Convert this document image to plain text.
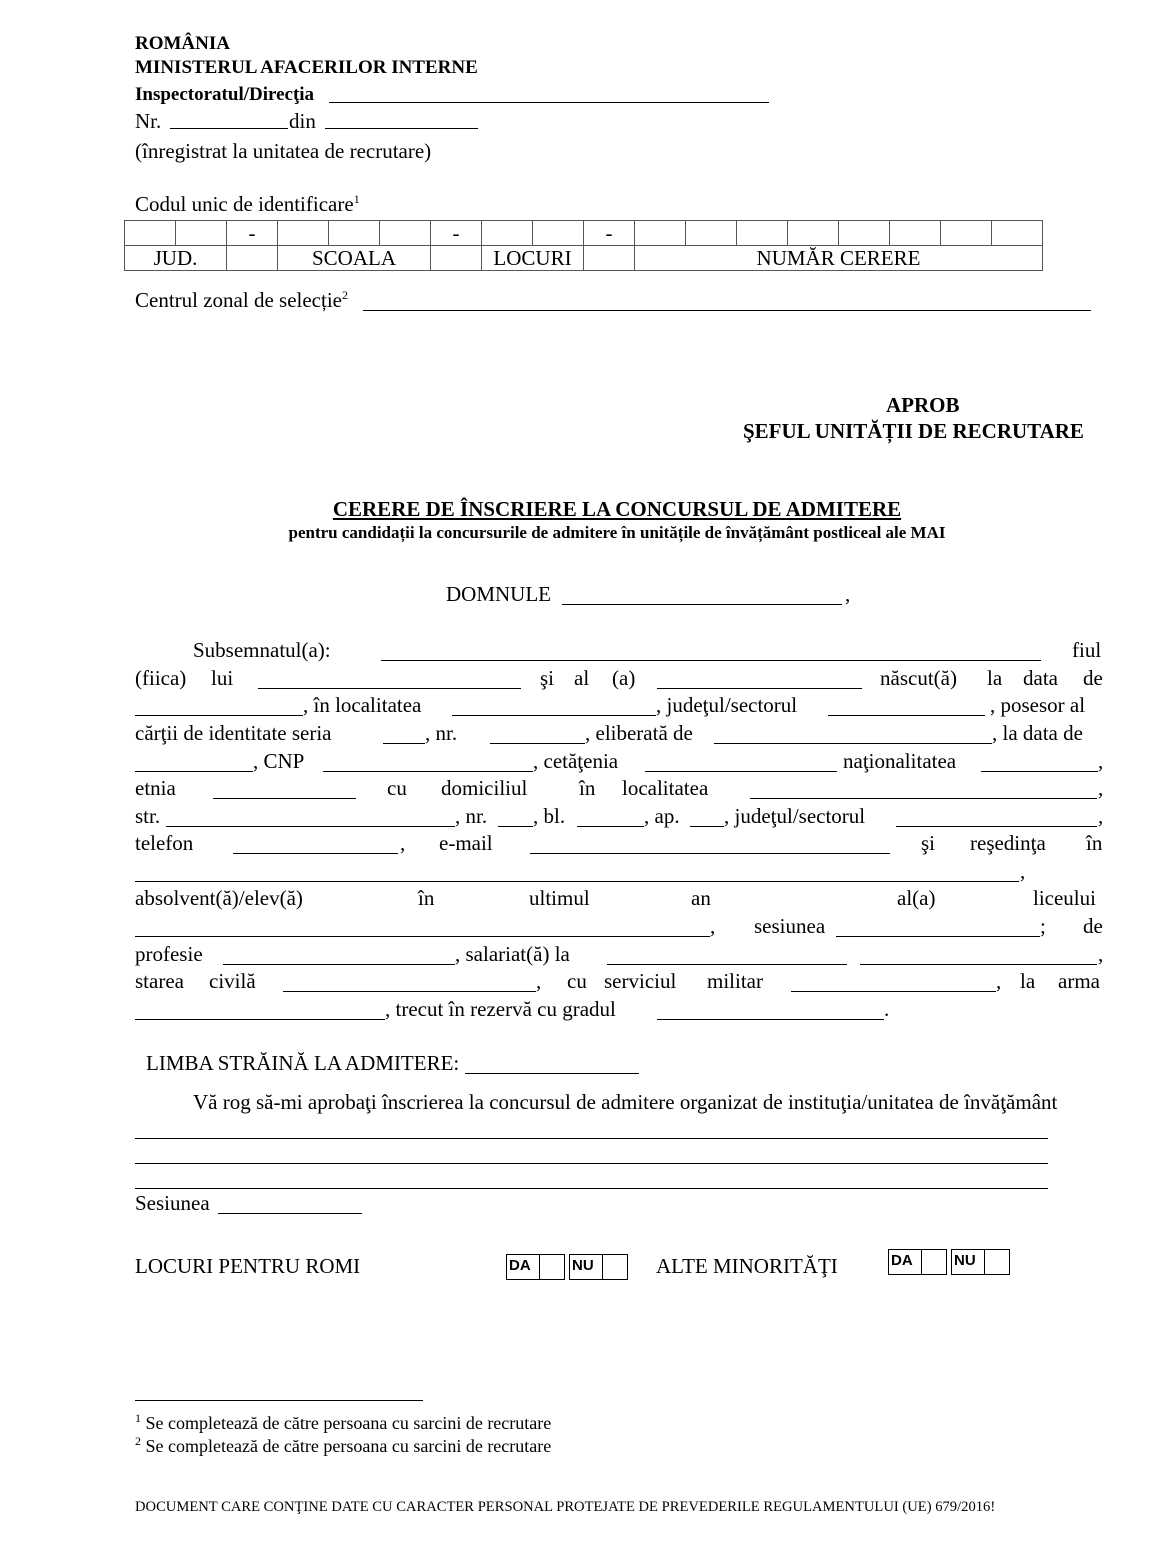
ROMÂNIA
MINISTERUL AFACERILOR INTERNE
Inspectoratul/Direcţia
Nr.	din
(înregistrat la unitatea de recrutare)
Codul unic de identificare$^1$
		-				-			-								
JUD.			SCOALA				LOCURI			NUMĂR CERERE							
Centrul zonal de selecție$^2$
APROB
ŞEFUL UNITĂȚII DE RECRUTARE
CERERE DE ÎNSCRIERE LA CONCURSUL DE ADMITERE
pentru candidații la concursurile de admitere în unitățile de învățământ postliceal ale MAI
DOMNULE	,
Subsemnatul(a):	fiul
(fiica) lui	şi al (a)	născut(ă) la data de
, în localitatea	, judeţul/sectorul	, posesor al
cărţii de identitate seria	, nr.	, eliberată de	, la data de
, CNP	, cetăţenia	naţionalitatea	,
etnia	cu domiciliul în localitatea	,
str.	, nr. , bl.	, ap. , judeţul/sectorul	,
telefon	, e-mail	şi reşedinţa în
,
absolvent(ă)/elev(ă)	în	ultimul	an	al(a)	liceului
, sesiunea	; de
profesie	, salariat(ă) la	,
starea civilă	, cu serviciul militar	, la arma
, trecut în rezervă cu gradul	.
LIMBA STRĂINĂ LA ADMITERE:
Vă rog să-mi aprobaţi înscrierea la concursul de admitere organizat de instituţia/unitatea de învăţământ
Sesiunea
LOCURI PENTRU ROMI	DA	NU	ALTE MINORITĂŢI	DA	NU
$^1$ Se completează de către persoana cu sarcini de recrutare
$^2$ Se completează de către persoana cu sarcini de recrutare
DOCUMENT CARE CONŢINE DATE CU CARACTER PERSONAL PROTEJATE DE PREVEDERILE REGULAMENTULUI (UE) 679/2016!
